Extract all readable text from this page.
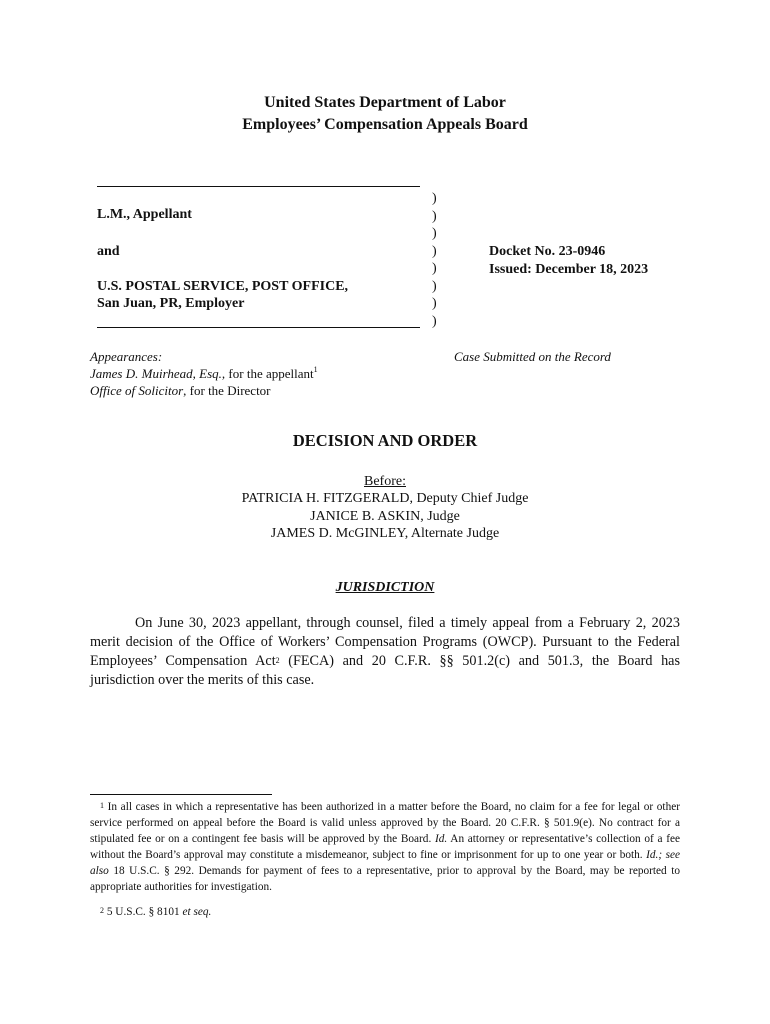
United States Department of Labor
Employees’ Compensation Appeals Board
L.M., Appellant
and
U.S. POSTAL SERVICE, POST OFFICE,
San Juan, PR, Employer
)
)
)
)
)
)
)
)
Docket No. 23-0946
Issued: December 18, 2023
Appearances:
James D. Muirhead, Esq., for the appellant$^1$
Office of Solicitor, for the Director
Case Submitted on the Record
DECISION AND ORDER
Before:
PATRICIA H. FITZGERALD, Deputy Chief Judge
JANICE B. ASKIN, Judge
JAMES D. McGINLEY, Alternate Judge
JURISDICTION
On June 30, 2023 appellant, through counsel, filed a timely appeal from a February 2, 2023 merit decision of the Office of Workers’ Compensation Programs (OWCP). Pursuant to the Federal Employees’ Compensation Act$^2$ (FECA) and 20 C.F.R. §§ 501.2(c) and 501.3, the Board has jurisdiction over the merits of this case.
$^1$ In all cases in which a representative has been authorized in a matter before the Board, no claim for a fee for legal or other service performed on appeal before the Board is valid unless approved by the Board. 20 C.F.R. § 501.9(e). No contract for a stipulated fee or on a contingent fee basis will be approved by the Board. Id. An attorney or representative’s collection of a fee without the Board’s approval may constitute a misdemeanor, subject to fine or imprisonment for up to one year or both. Id.; see also 18 U.S.C. § 292. Demands for payment of fees to a representative, prior to approval by the Board, may be reported to appropriate authorities for investigation.
$^2$ 5 U.S.C. § 8101 et seq.
